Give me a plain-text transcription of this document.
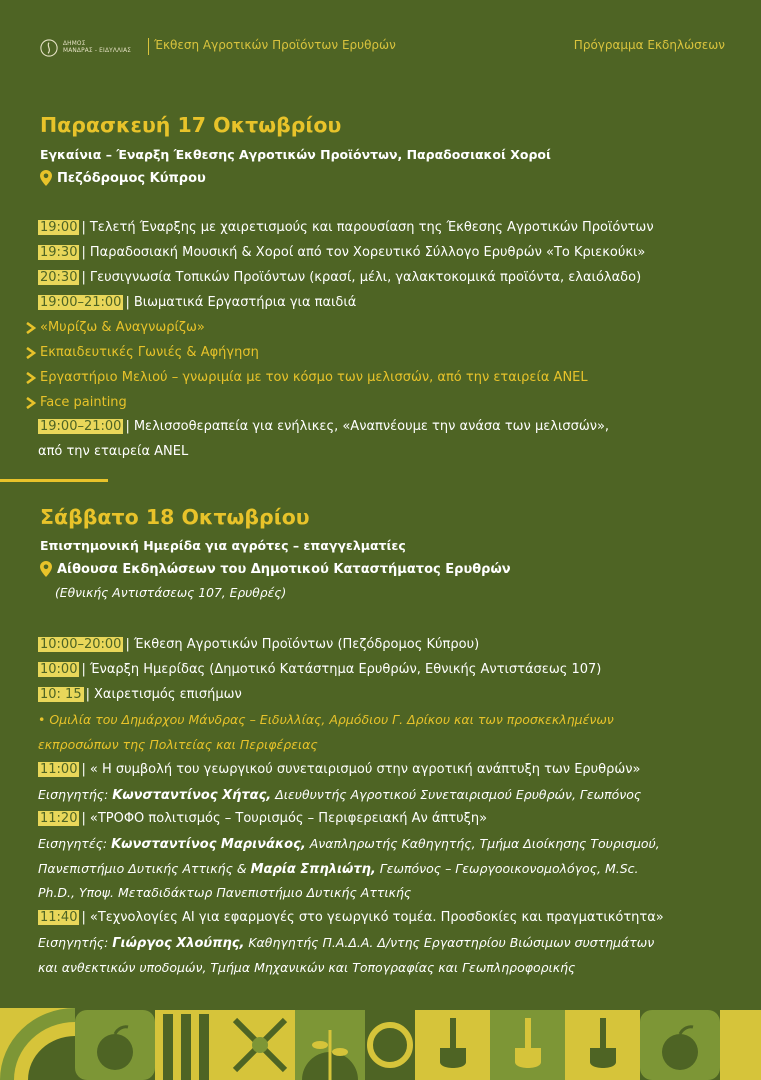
ΔΗΜΟΣ
ΜΑΝΔΡΑΣ - ΕΙΔΥΛΛΙΑΣ Έκθεση Αγροτικών Προϊόντων Ερυθρών	Πρόγραμμα Εκδηλώσεων
Παρασκευή 17 Οκτωβρίου
Εγκαίνια – Έναρξη Έκθεσης Αγροτικών Προϊόντων, Παραδοσιακοί Χοροί
Πεζόδρομος Κύπρου
19:00 | Τελετή Έναρξης με χαιρετισμούς και παρουσίαση της Έκθεσης Αγροτικών Προϊόντων
19:30 | Παραδοσιακή Μουσική & Χοροί από τον Χορευτικό Σύλλογο Ερυθρών «Το Κριεκούκι»
20:30 | Γευσιγνωσία Τοπικών Προϊόντων (κρασί, μέλι, γαλακτοκομικά προϊόντα, ελαιόλαδο)
19:00–21:00 | Βιωματικά Εργαστήρια για παιδιά
«Μυρίζω & Αναγνωρίζω»
Εκπαιδευτικές Γωνιές & Αφήγηση
Εργαστήριο Μελιού – γνωριμία με τον κόσμο των μελισσών, από την εταιρεία ANEL
Face painting
19:00–21:00 | Μελισσοθεραπεία για ενήλικες, «Αναπνέουμε την ανάσα των μελισσών»,
από την εταιρεία ANEL
Σάββατο 18 Οκτωβρίου
Επιστημονική Ημερίδα για αγρότες – επαγγελματίες
Αίθουσα Εκδηλώσεων του Δημοτικού Καταστήματος Ερυθρών
(Εθνικής Αντιστάσεως 107, Ερυθρές)
10:00–20:00 | Έκθεση Αγροτικών Προϊόντων (Πεζόδρομος Κύπρου)
10:00 | Έναρξη Ημερίδας (Δημοτικό Κατάστημα Ερυθρών, Εθνικής Αντιστάσεως 107)
10: 15 | Χαιρετισμός επισήμων
• Ομιλία του Δημάρχου Μάνδρας – Ειδυλλίας, Αρμόδιου Γ. Δρίκου και των προσκεκλημένων
εκπροσώπων της Πολιτείας και Περιφέρειας
11:00 | « Η συμβολή του γεωργικού συνεταιρισμού στην αγροτική ανάπτυξη των Ερυθρών»
Εισηγητής: Κωνσταντίνος Χήτας, Διευθυντής Αγροτικού Συνεταιρισμού Ερυθρών, Γεωπόνος
11:20 | «ΤΡΟΦΟ πολιτισμός – Τουρισμός – Περιφερειακή Αν άπτυξη»
Εισηγητές: Κωνσταντίνος Μαρινάκος, Αναπληρωτής Καθηγητής, Τμήμα Διοίκησης Τουρισμού,
Πανεπιστήμιο Δυτικής Αττικής & Μαρία Σπηλιώτη, Γεωπόνος – Γεωργοοικονομολόγος, M.Sc.
Ph.D., Υποψ. Μεταδιδάκτωρ Πανεπιστήμιο Δυτικής Αττικής
11:40 | «Τεχνολογίες AI για εφαρμογές στο γεωργικό τομέα. Προσδοκίες και πραγματικότητα»
Εισηγητής: Γιώργος Χλούπης, Καθηγητής Π.Α.Δ.Α. Δ/ντης Εργαστηρίου Βιώσιμων συστημάτων
και ανθεκτικών υποδομών, Τμήμα Μηχανικών και Τοπογραφίας και Γεωπληροφορικής
